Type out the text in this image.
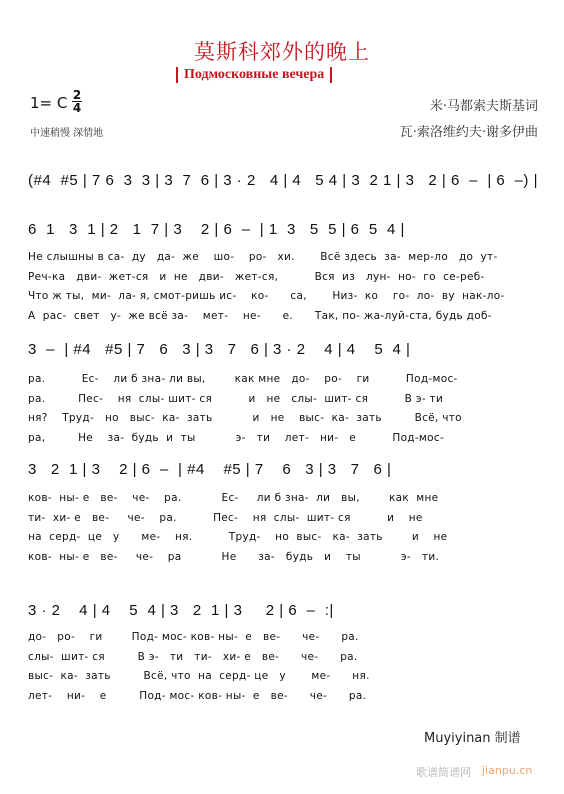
莫斯科郊外的晚上
Подмосковные вечера
1= C 2
4
中速稍慢 深情地
米·马都索夫斯基词
瓦·索洛维约夫·谢多伊曲
(#4  #5 | 7 6  3  3 | 3  7  6 | 3 · 2   4 | 4   5 4 | 3  2 1 | 3   2 | 6  –  | 6  –) |
6  1   3  1 | 2   1  7 | 3    2 | 6  –  | 1  3   5  5 | 6  5  4 |
Не слышны в са-  ду   да-  же    шо-    ро-   хи.       Всё здесь  за-  мер-ло   до  ут-
Реч-ка   дви-  жет-ся   и  не   дви-   жет-ся,          Вся  из   лун-  но-  го  се-реб-
Что ж ты,  ми-  ла- я, смот-ришь ис-    ко-      са,       Низ-  ко    го-  ло-  ву  нак-ло-
А  рас-  свет   у-  же всё за-    мет-    не-      е.      Так, по- жа-луй-ста, будь доб-
3  –  | #4   #5 | 7   6   3 | 3   7   6 | 3 · 2    4 | 4    5  4 |
ра.          Ес-    ли б зна- ли вы,        как мне   до-    ро-    ги          Под-мос-
ра.         Пес-    ня  слы- шит- ся          и   не   слы-  шит- ся          В э- ти
ня?    Труд-   но   выс-  ка-  зать           и   не    выс-  ка-  зать         Всё, что
ра,         Не    за-  будь  и  ты           э-   ти    лет-   ни-   е          Под-мос-
3   2  1 | 3    2 | 6  –  | #4    #5 | 7    6   3 | 3   7   6 |
ков-  ны- е   ве-    че-    ра.           Ес-     ли б зна-  ли   вы,        как  мне
ти-  хи- е   ве-     че-    ра.          Пес-    ня  слы-  шит- ся          и    не
на  серд-  це   у      ме-    ня.          Труд-    но  выс-   ка-  зать        и    не
ков-  ны- е   ве-     че-    ра           Не      за-   будь   и    ты           э-   ти.
3 · 2    4 | 4    5  4 | 3   2  1 | 3     2 | 6  –  :|
до-   ро-    ги        Под- мос- ков- ны-  е   ве-      че-      ра.
слы-  шит- ся         В э-   ти   ти-   хи- е   ве-      че-      ра.
выс-  ка-  зать         Всё, что  на  серд- це   у       ме-      ня.
лет-    ни-    е         Под- мос- ков- ны-  е   ве-      че-      ра.
Muyiyinan 制谱
歌谱简谱网 jianpu.cn
